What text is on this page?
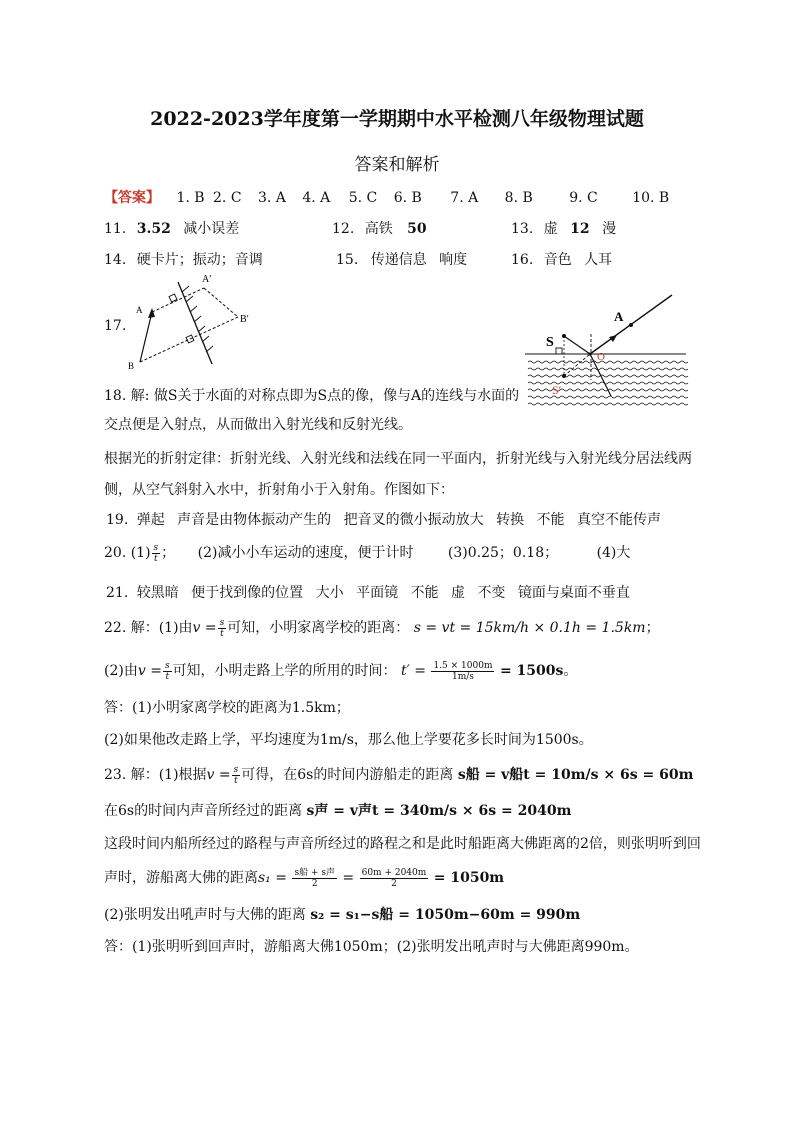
2022-2023学年度第一学期期中水平检测八年级物理试题
答案和解析
【答案】 1. B 2. C 3. A 4. A 5. C 6. B 7. A 8. B	9. C 10. B
11. 3.52 减小误差	12. 高铁 50	13. 虚 12 漫
14. 硬卡片；振动；音调	15. 传递信息 响度	16. 音色 人耳
17.
A
A′
B
B′
S
S′
A
O
18. 解: 做S关于水面的对称点即为S点的像，像与A的连线与水面的
交点便是入射点，从而做出入射光线和反射光线。
根据光的折射定律：折射光线、入射光线和法线在同一平面内，折射光线与入射光线分居法线两
侧，从空气斜射入水中，折射角小于入射角。作图如下：
19. 弹起 声音是由物体振动产生的 把音叉的微小振动放大 转换 不能 真空不能传声
20. $(1) \frac{s}{t}$ ； (2)减小小车运动的速度，便于计时 (3)0.25；0.18；	(4)大
21. 较黑暗 便于找到像的位置 大小 平面镜 不能 虚 不变 镜面与桌面不垂直
22. 解：(1)由$v = \frac{s}{t}$ 可知，小明家离学校的距离： s = vt = 15km/h × 0.1h = 1.5km；
(2)由$v = \frac{s}{t}$ 可知，小明走路上学的所用的时间： $t' = \frac{1.5 \times 1000m}{1m/s} = 1500s$。
答：(1)小明家离学校的距离为1.5km；
(2)如果他改走路上学，平均速度为1m/s，那么他上学要花多长时间为1500s。
23. 解：(1)根据$v = \frac{s}{t}$ 可得，在6s的时间内游船走的距离 s船 = v船t = 10m/s × 6s = 60m
在6s的时间内声音所经过的距离 s声 = v声t = 340m/s × 6s = 2040m
这段时间内船所经过的路程与声音所经过的路程之和是此时船距离大佛距离的2倍，则张明听到回
声时，游船离大佛的距离$s_1 = \frac{\text{s船 + s声}}{2} = \frac{60m + 2040m}{2} = 1050m$
(2)张明发出吼声时与大佛的距离 s₂ = s₁−s船 = 1050m−60m = 990m
答：(1)张明听到回声时，游船离大佛1050m；(2)张明发出吼声时与大佛距离990m。
